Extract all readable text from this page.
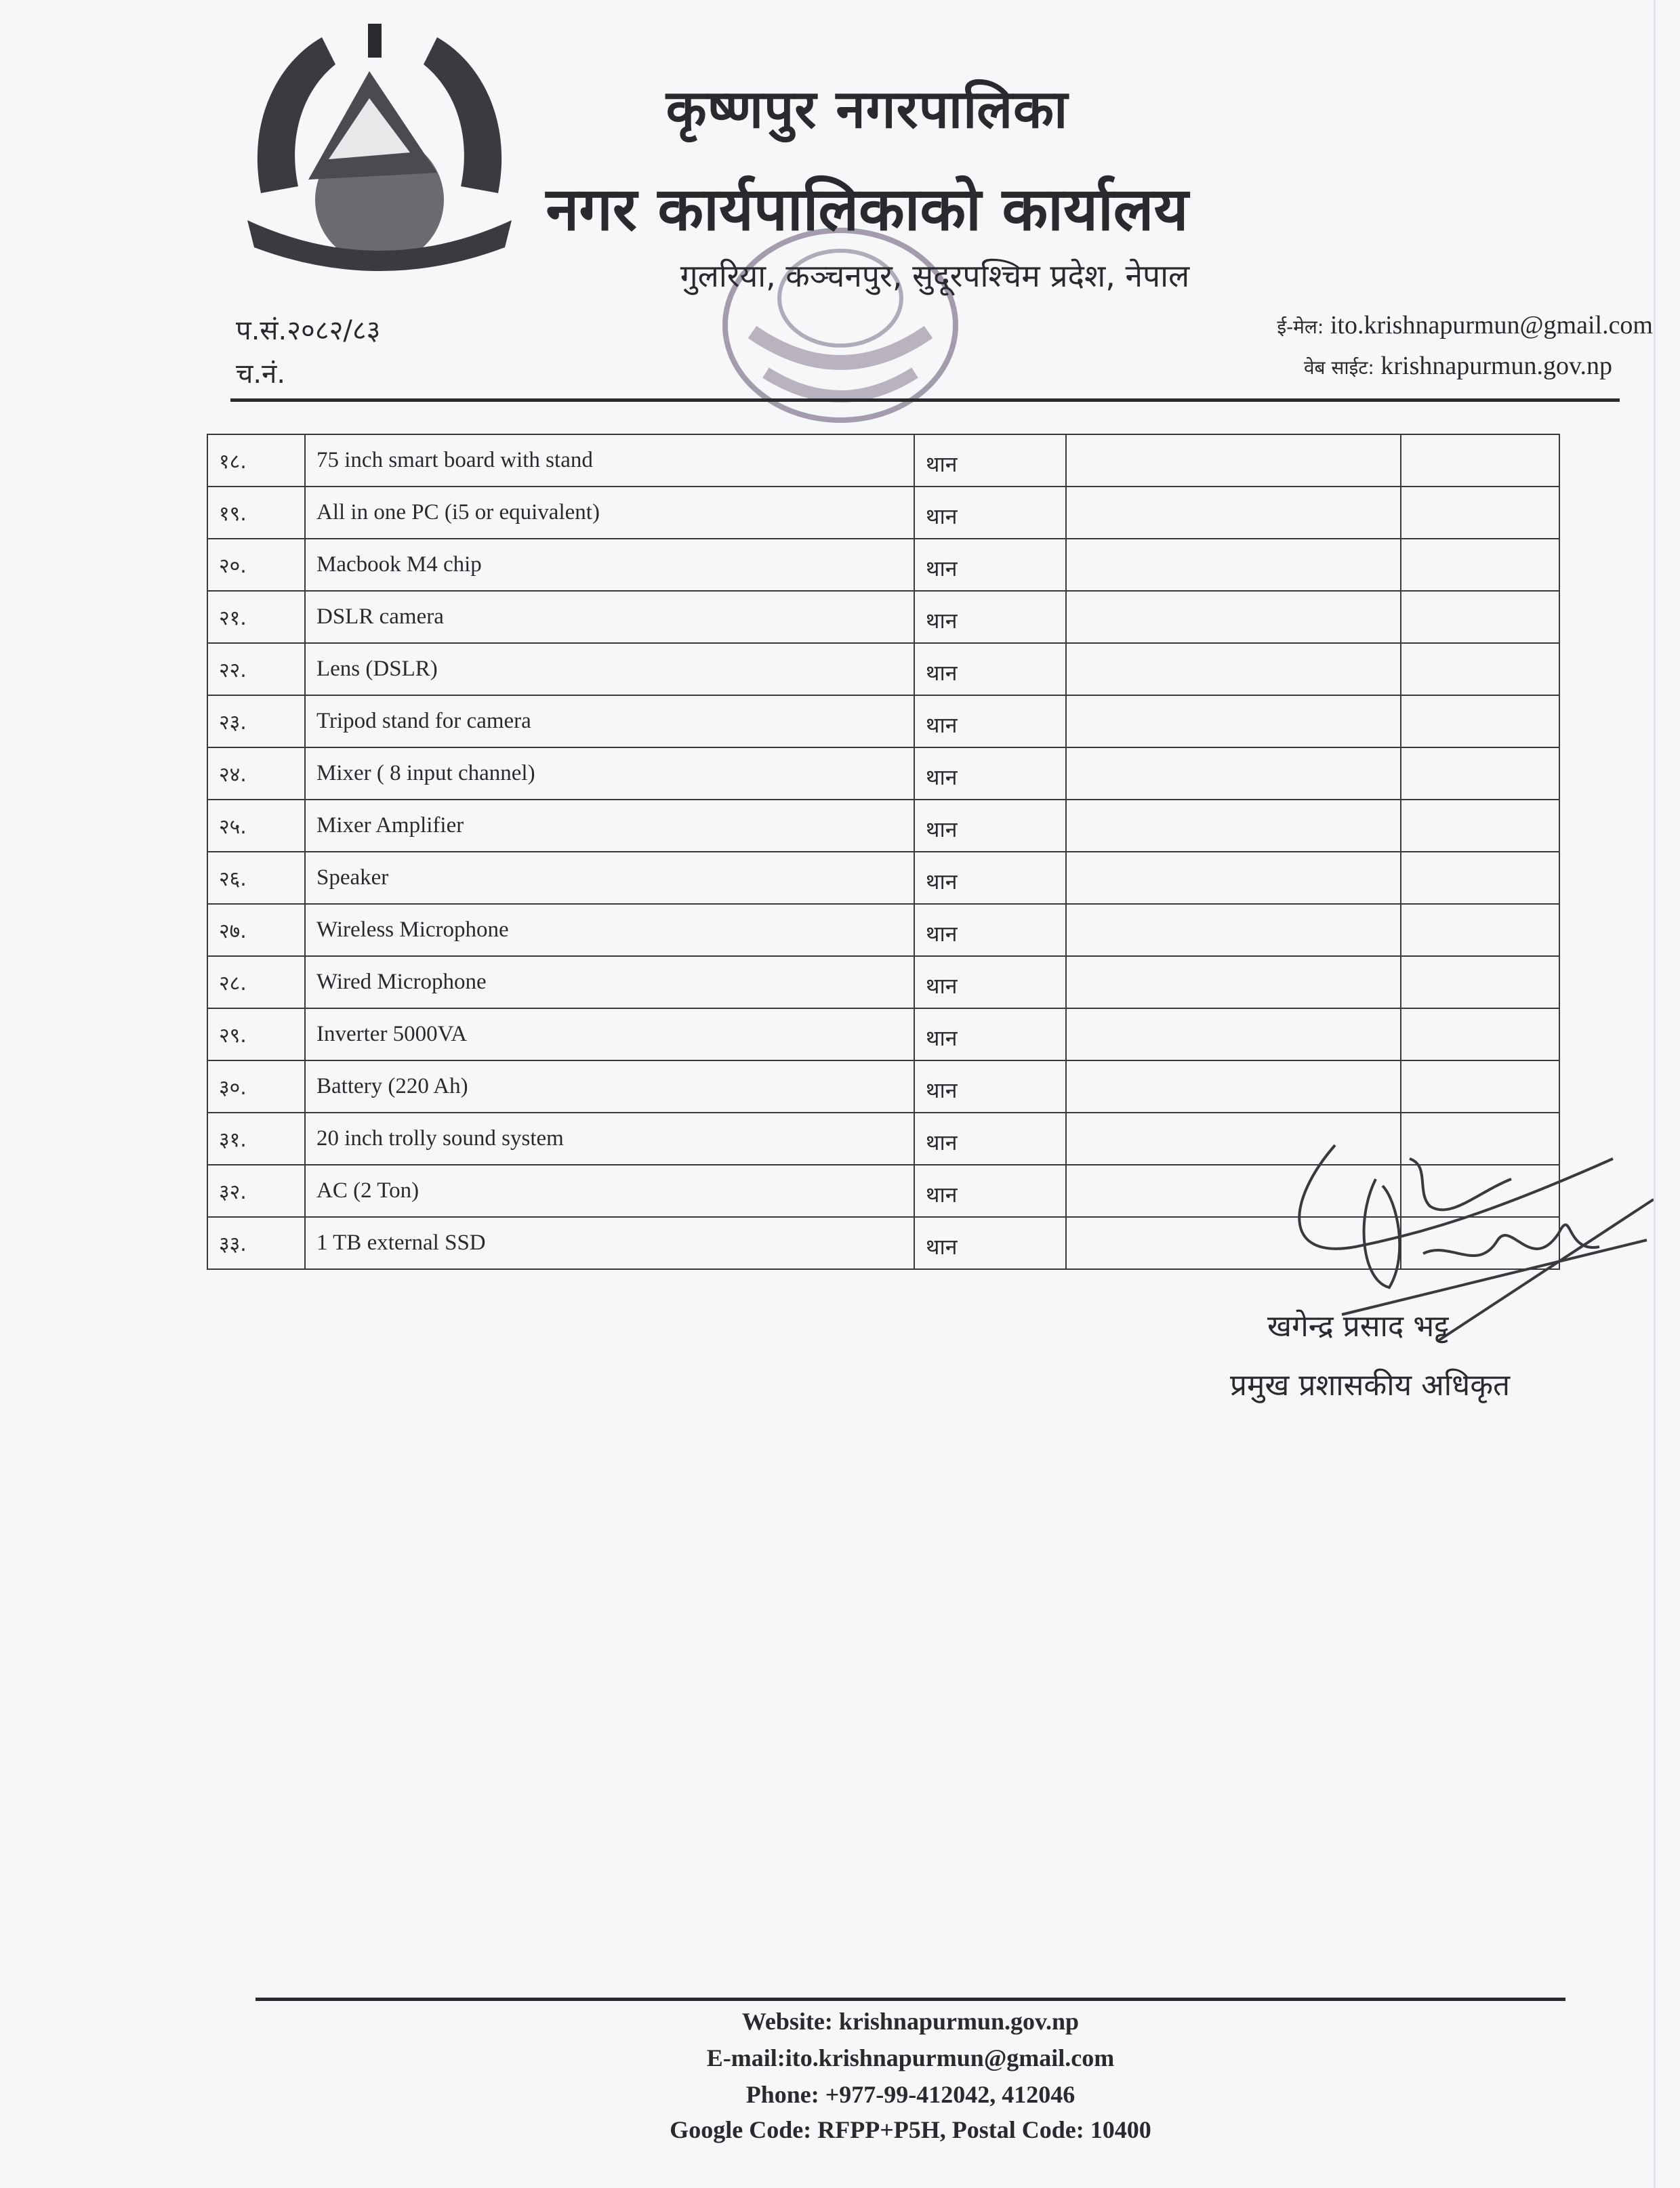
कृष्णपुर नगरपालिका
नगर कार्यपालिकाको कार्यालय
गुलरिया, कञ्चनपुर, सुदूरपश्चिम प्रदेश, नेपाल
प.सं.२०८२/८३
च.नं.
ई-मेल: ito.krishnapurmun@gmail.com
वेब साईट: krishnapurmun.gov.np
१८.	75 inch smart board with stand	थान		
१९.	All in one PC (i5 or equivalent)	थान		
२०.	Macbook M4 chip	थान		
२१.	DSLR camera	थान		
२२.	Lens (DSLR)	थान		
२३.	Tripod stand for camera	थान		
२४.	Mixer ( 8 input channel)	थान		
२५.	Mixer Amplifier	थान		
२६.	Speaker	थान		
२७.	Wireless Microphone	थान		
२८.	Wired Microphone	थान		
२९.	Inverter 5000VA	थान		
३०.	Battery (220 Ah)	थान		
३१.	20 inch trolly sound system	थान		
३२.	AC (2 Ton)	थान		
३३.	1 TB external SSD	थान		
खगेन्द्र प्रसाद भट्ट
प्रमुख प्रशासकीय अधिकृत
Website: krishnapurmun.gov.np
E-mail:ito.krishnapurmun@gmail.com
Phone: +977-99-412042, 412046
Google Code: RFPP+P5H, Postal Code: 10400
